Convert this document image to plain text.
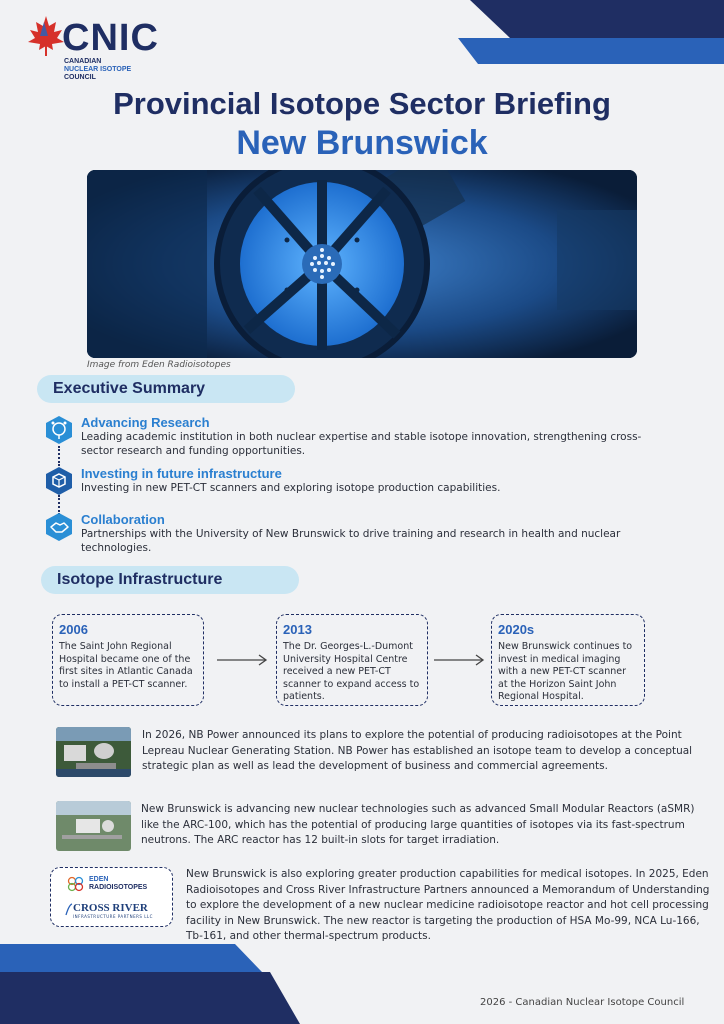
CNIC
CANADIAN
NUCLEAR ISOTOPE
COUNCIL
Provincial Isotope Sector Briefing
New Brunswick
Image from Eden Radioisotopes
Executive Summary
Advancing Research
Leading academic institution in both nuclear expertise and stable isotope innovation, strengthening cross-sector research and funding opportunities.
Investing in future infrastructure
Investing in new PET-CT scanners and exploring isotope production capabilities.
Collaboration
Partnerships with the University of New Brunswick to drive training and research in health and nuclear technologies.
Isotope Infrastructure
2006
The Saint John Regional Hospital became one of the first sites in Atlantic Canada to install a PET-CT scanner.
2013
The Dr. Georges-L.-Dumont University Hospital Centre received a new PET-CT scanner to expand access to patients.
2020s
New Brunswick continues to invest in medical imaging with a new PET-CT scanner at the Horizon Saint John Regional Hospital.
In 2026, NB Power announced its plans to explore the potential of producing radioisotopes at the Point Lepreau Nuclear Generating Station. NB Power has established an isotope team to develop a conceptual strategic plan as well as lead the development of business and commercial agreements.
New Brunswick is advancing new nuclear technologies such as advanced Small Modular Reactors (aSMR) like the ARC-100, which has the potential of producing large quantities of isotopes via its fast-spectrum neutrons. The ARC reactor has 12 built-in slots for target irradiation.
EDEN
RADIOISOTOPES
CROSS RIVER
INFRASTRUCTURE PARTNERS LLC
New Brunswick is also exploring greater production capabilities for medical isotopes. In 2025, Eden Radioisotopes and Cross River Infrastructure Partners announced a Memorandum of Understanding to explore the development of a new nuclear medicine radioisotope reactor and hot cell processing facility in New Brunswick. The new reactor is targeting the production of HSA Mo-99, NCA Lu-166, Tb-161, and other thermal-spectrum products.
2026 - Canadian Nuclear Isotope Council
